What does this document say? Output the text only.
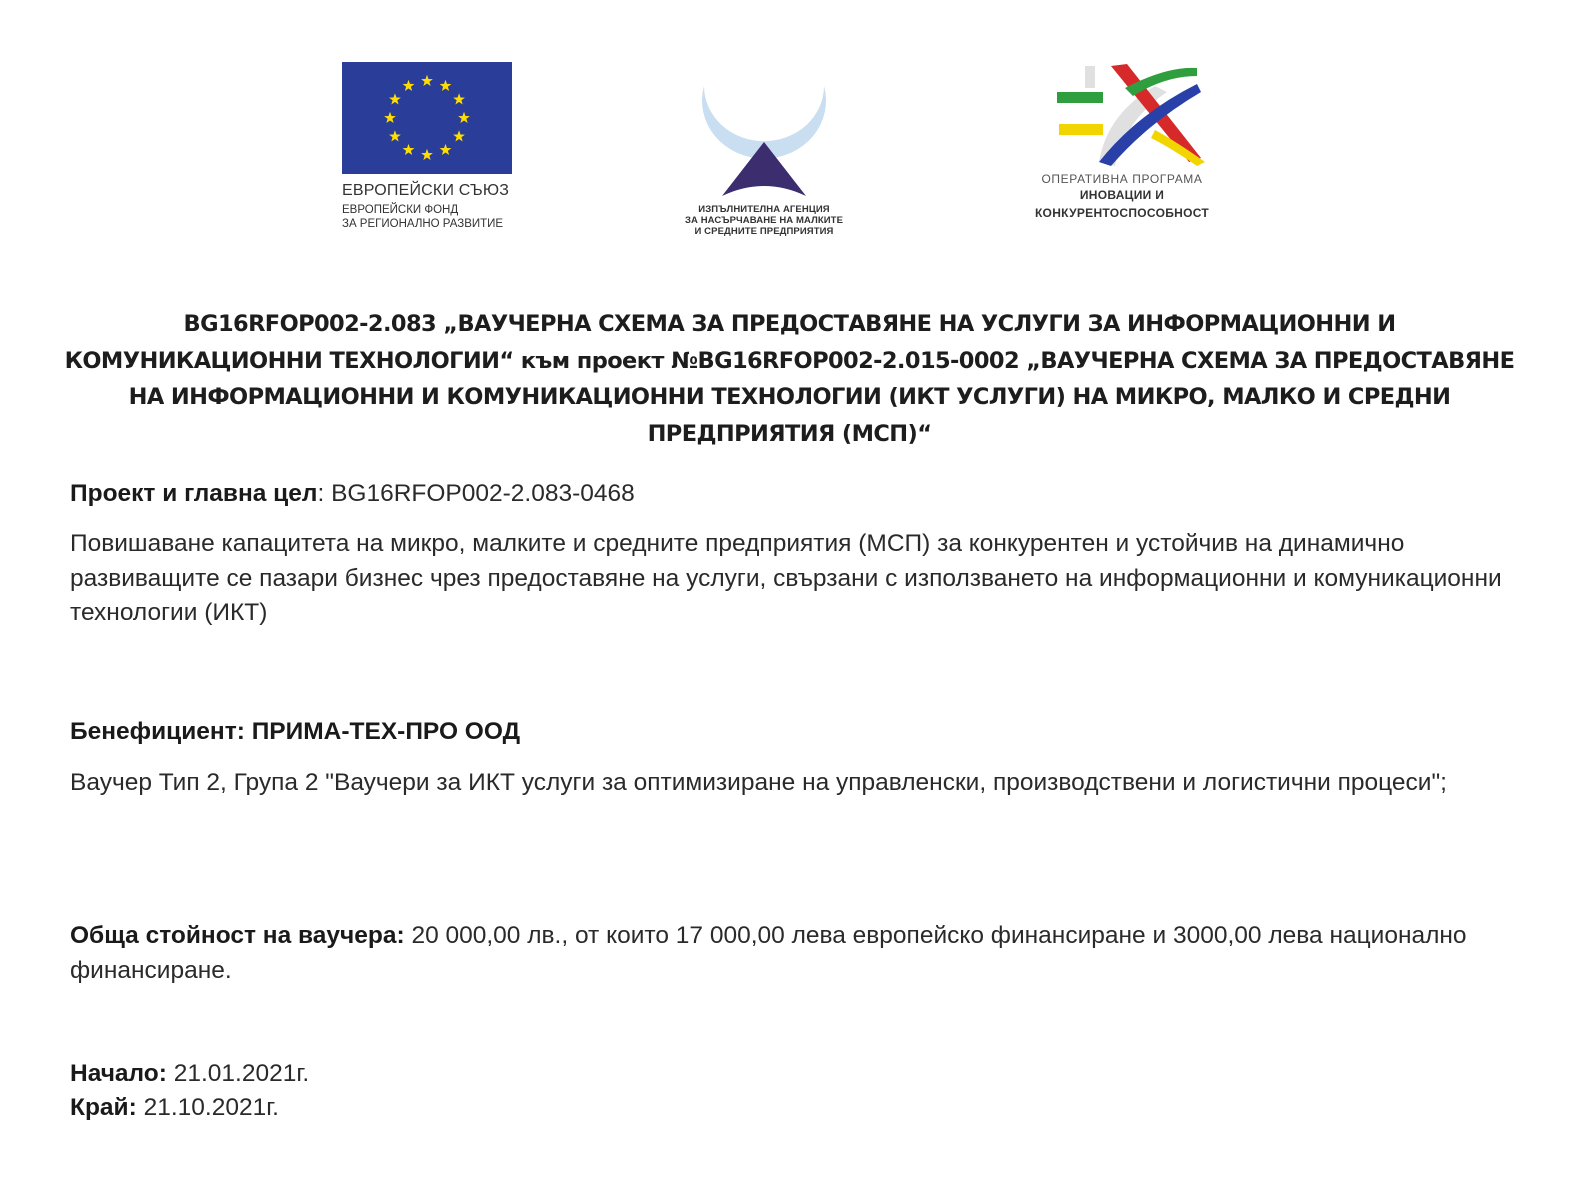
ЕВРОПЕЙСКИ СЪЮЗ
ЕВРОПЕЙСКИ ФОНД
ЗА РЕГИОНАЛНО РАЗВИТИЕ
ИЗПЪЛНИТЕЛНА АГЕНЦИЯ
ЗА НАСЪРЧАВАНЕ НА МАЛКИТЕ
И СРЕДНИТЕ ПРЕДПРИЯТИЯ
ОПЕРАТИВНА ПРОГРАМА
ИНОВАЦИИ И
КОНКУРЕНТОСПОСОБНОСТ
BG16RFOP002-2.083 „ВАУЧЕРНА СХЕМА ЗА ПРЕДОСТАВЯНЕ НА УСЛУГИ ЗА ИНФОРМАЦИОННИ И КОМУНИКАЦИОННИ ТЕХНОЛОГИИ“ към проект №BG16RFOP002-2.015-0002 „ВАУЧЕРНА СХЕМА ЗА ПРЕДОСТАВЯНЕ НА ИНФОРМАЦИОННИ И КОМУНИКАЦИОННИ ТЕХНОЛОГИИ (ИКТ УСЛУГИ) НА МИКРО, МАЛКО И СРЕДНИ ПРЕДПРИЯТИЯ (МСП)“
Проект и главна цел: BG16RFOP002-2.083-0468
Повишаване капацитета на микро, малките и средните предприятия (МСП) за конкурентен и устойчив на динамично развиващите се пазари бизнес чрез предоставяне на услуги, свързани с използването на информационни и комуникационни технологии (ИКТ)
Бенефициент: ПРИМА-ТЕХ-ПРО ООД
Ваучер Тип 2, Група 2 "Ваучери за ИКТ услуги за оптимизиране на управленски, производствени и логистични процеси";
Обща стойност на ваучера: 20 000,00 лв., от които 17 000,00 лева европейско финансиране и 3000,00 лева национално финансиране.
Начало: 21.01.2021г.
Край: 21.10.2021г.
